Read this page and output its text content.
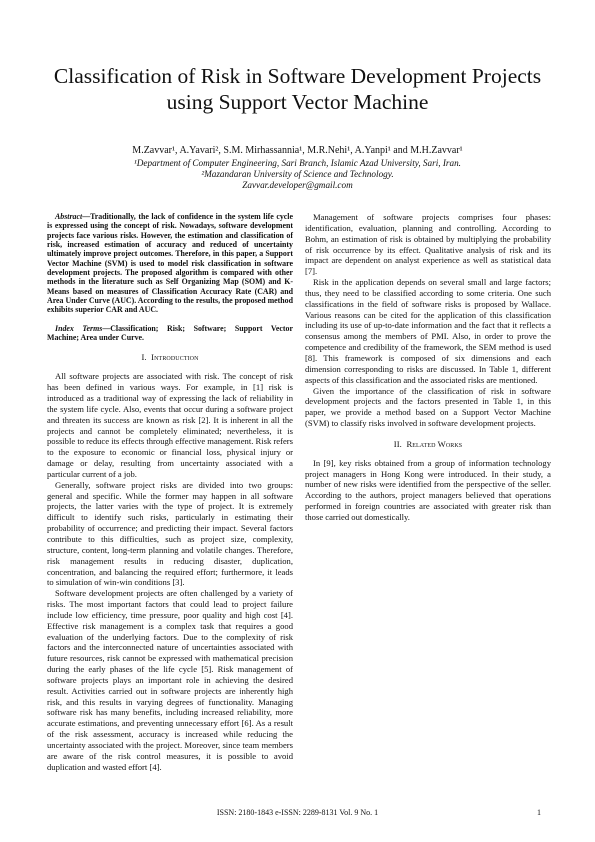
Classification of Risk in Software Development Projects using Support Vector Machine
M.Zavvar¹, A.Yavari², S.M. Mirhassannia¹, M.R.Nehi¹, A.Yanpi¹ and M.H.Zavvar¹
¹Department of Computer Engineering, Sari Branch, Islamic Azad University, Sari, Iran.
²Mazandaran University of Science and Technology.
Zavvar.developer@gmail.com

Abstract—Traditionally, the lack of confidence in the system life cycle is expressed using the concept of risk. Nowadays, software development projects face various risks. However, the estimation and classification of risk, increased estimation of accuracy and reduced of uncertainty ultimately improve project outcomes. Therefore, in this paper, a Support Vector Machine (SVM) is used to model risk classification in software development projects. The proposed algorithm is compared with other methods in the literature such as Self Organizing Map (SOM) and K-Means based on measures of Classification Accuracy Rate (CAR) and Area Under Curve (AUC). According to the results, the proposed method exhibits superior CAR and AUC.

Index Terms—Classification; Risk; Software; Support Vector Machine; Area under Curve.

I. Introduction

All software projects are associated with risk. The concept of risk has been defined in various ways. For example, in [1] risk is introduced as a traditional way of expressing the lack of reliability in the system life cycle. Also, events that occur during a software project and threaten its success are known as risk [2]. It is inherent in all the projects and cannot be completely eliminated; nevertheless, it is possible to reduce its effects through effective management. Risk refers to the exposure to economic or financial loss, physical injury or damage or delay, resulting from uncertainty associated with a particular current of a job.

Generally, software project risks are divided into two groups: general and specific. While the former may happen in all software projects, the latter varies with the type of project. It is extremely difficult to identify such risks, particularly in estimating their probability of occurrence; and predicting their impact. Several factors contribute to this difficulties, such as project size, complexity, structure, content, long-term planning and volatile changes. Therefore, risk management results in reducing disaster, duplication, concentration, and balancing the required effort; furthermore, it leads to simulation of win-win conditions [3].

Software development projects are often challenged by a variety of risks. The most important factors that could lead to project failure include low efficiency, time pressure, poor quality and high cost [4]. Effective risk management is a complex task that requires a good evaluation of the underlying factors. Due to the complexity of risk factors and the interconnected nature of uncertainties associated with future resources, risk cannot be expressed with mathematical precision during the early phases of the life cycle [5]. Risk management of software projects plays an important role in achieving the desired result. Activities carried out in software projects are inherently high risk, and this results in varying degrees of functionality. Managing software risk has many benefits, including increased reliability, more accurate estimations, and preventing unnecessary effort [6]. As a result of the risk assessment, accuracy is increased while reducing the uncertainty associated with the project. Moreover, since team members are aware of the risk control measures, it is possible to avoid duplication and wasted effort [4].

Management of software projects comprises four phases: identification, evaluation, planning and controlling. According to Bohm, an estimation of risk is obtained by multiplying the probability of risk occurrence by its effect. Qualitative analysis of risk and its impact are dependent on analyst experience as well as statistical data [7].

Risk in the application depends on several small and large factors; thus, they need to be classified according to some criteria. One such classifications in the field of software risks is proposed by Wallace. Various reasons can be cited for the application of this classification including its use of up-to-date information and the fact that it reflects a consensus among the members of PMI. Also, in order to prove the competence and credibility of the framework, the SEM method is used [8]. This framework is composed of six dimensions and each dimension corresponding to risks are discussed. In Table 1, different aspects of this classification and the associated risks are mentioned.

Given the importance of the classification of risk in software development projects and the factors presented in Table 1, in this paper, we provide a method based on a Support Vector Machine (SVM) to classify risks involved in software development projects.

II. Related Works

In [9], key risks obtained from a group of information technology project managers in Hong Kong were introduced. In their study, a number of new risks were identified from the perspective of the seller. According to the authors, project managers believed that operations performed in foreign countries are associated with greater risk than those carried out domestically.

ISSN: 2180-1843 e-ISSN: 2289-8131 Vol. 9 No. 1	1
